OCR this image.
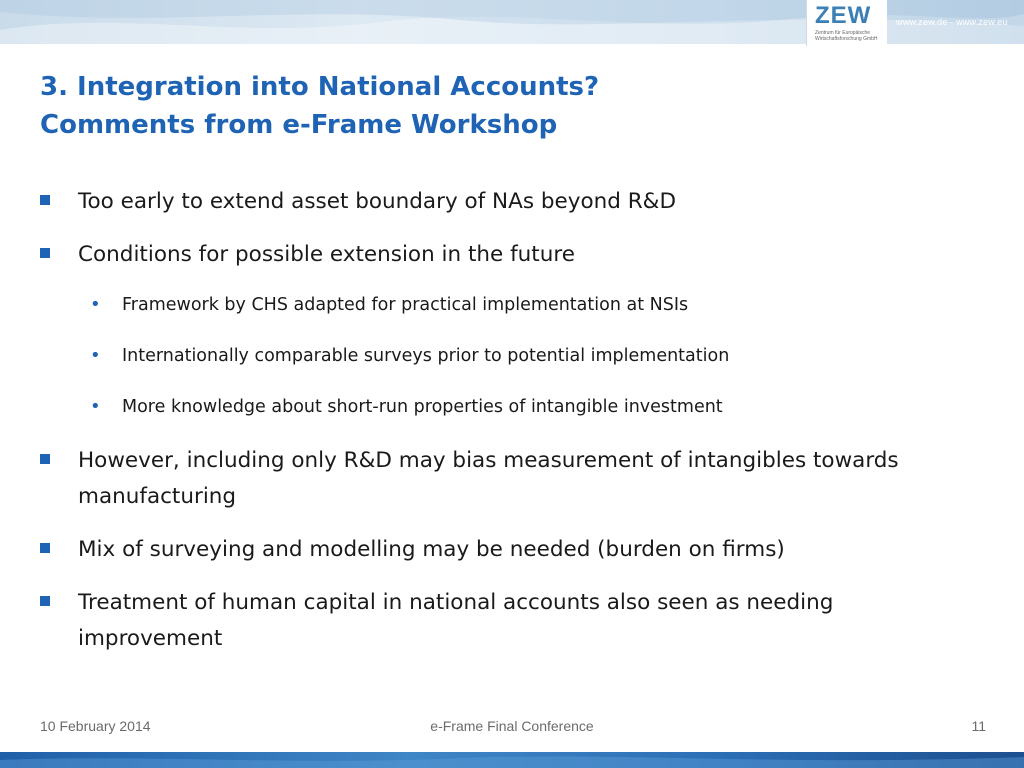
www.zew.de · www.zew.eu
ZEW
Zentrum für Europäische Wirtschaftsforschung GmbH
3. Integration into National Accounts?
Comments from e-Frame Workshop
Too early to extend asset boundary of NAs beyond R&D
Conditions for possible extension in the future
• Framework by CHS adapted for practical implementation at NSIs
• Internationally comparable surveys prior to potential implementation
• More knowledge about short-run properties of intangible investment
However, including only R&D may bias measurement of intangibles towards manufacturing
Mix of surveying and modelling may be needed (burden on firms)
Treatment of human capital in national accounts also seen as needing improvement
10 February 2014	e-Frame Final Conference	11
